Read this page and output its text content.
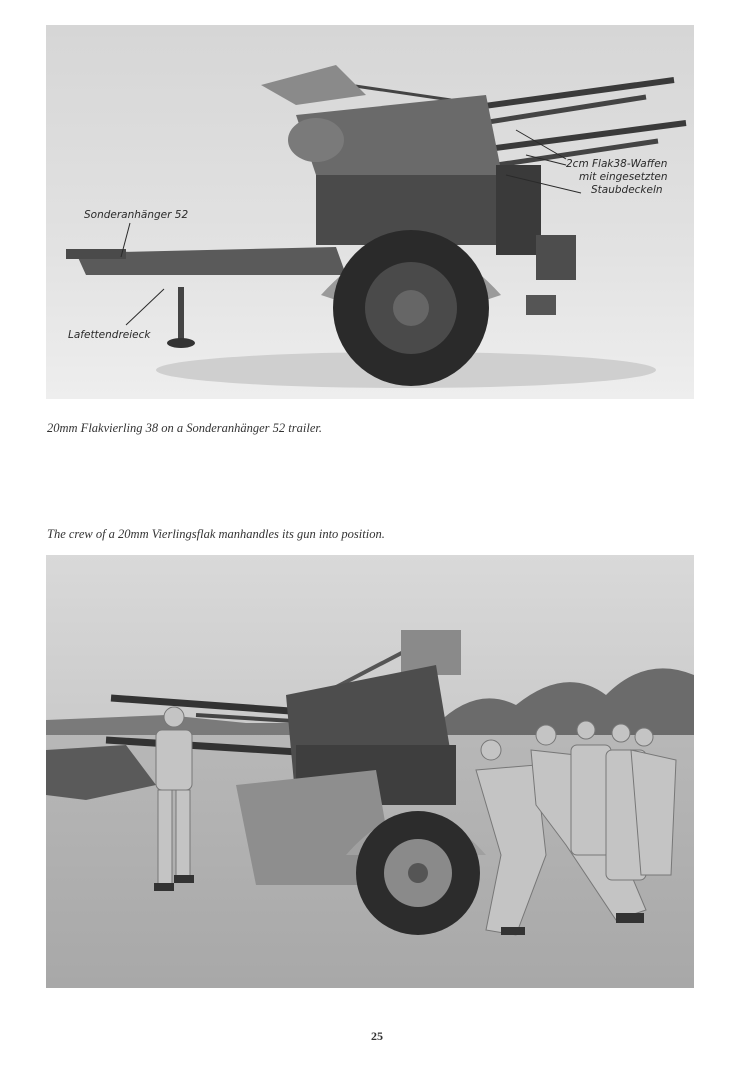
2cm Flak38-Waffen
mit eingesetzten
Staubdeckeln
Sonderanhänger 52
Lafettendreieck
20mm Flakvierling 38 on a Sonderanhänger 52 trailer.
The crew of a 20mm Vierlingsflak manhandles its gun into position.
25
